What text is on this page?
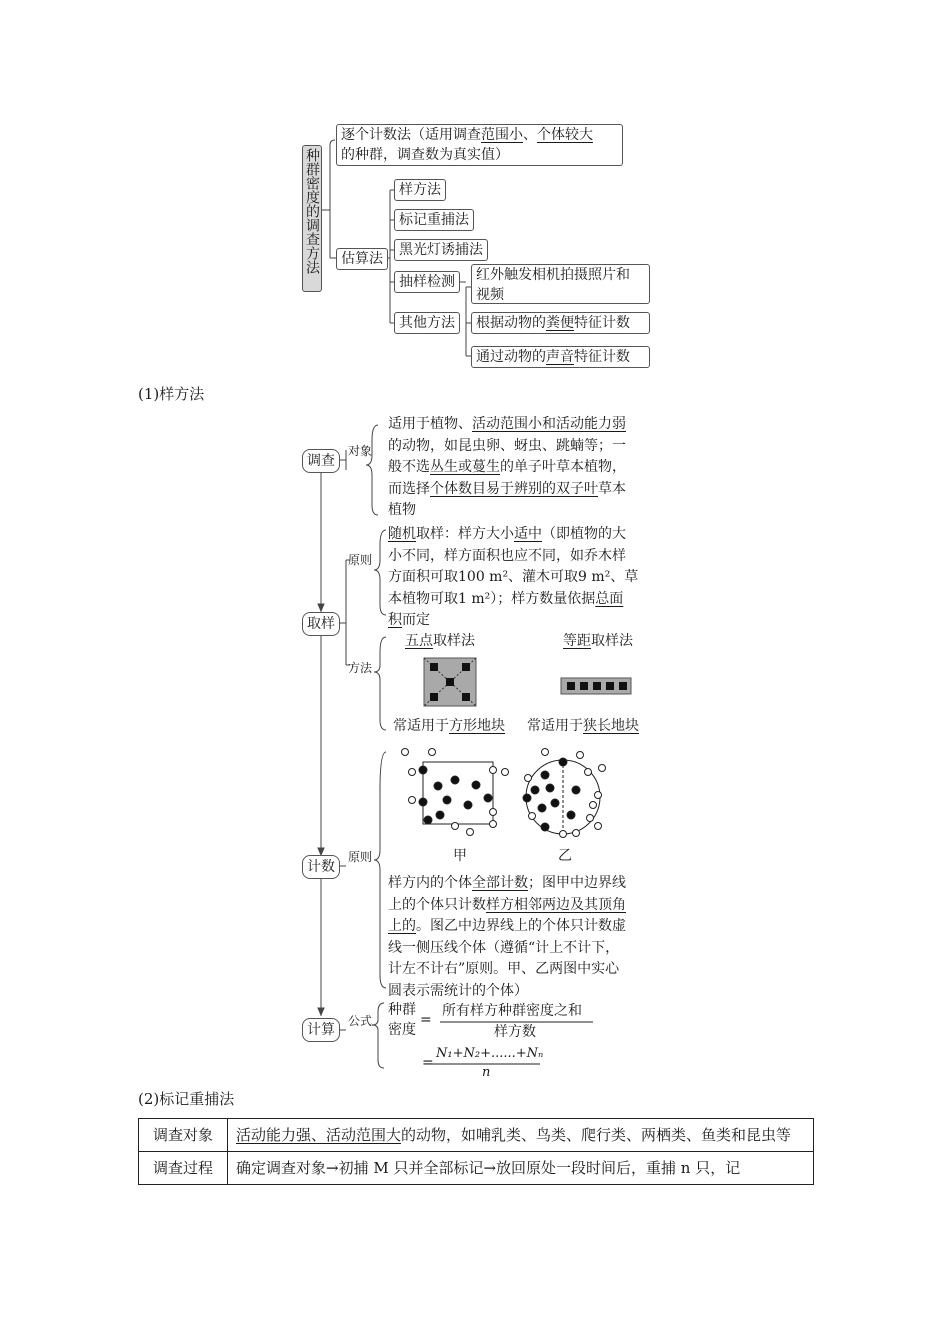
种群密度的调查方法
逐个计数法（适用调查范围小、个体较大
的种群，调查数为真实值）
估算法
样方法
标记重捕法
黑光灯诱捕法
抽样检测
其他方法
红外触发相机拍摄照片和
视频
根据动物的粪便特征计数
通过动物的声音特征计数
(1)样方法
调查
对象
适用于植物、活动范围小和活动能力弱
的动物，如昆虫卵、蚜虫、跳蝻等；一
般不选丛生或蔓生的单子叶草本植物，
而选择个体数目易于辨别的双子叶草本
植物
取样
原则
随机取样：样方大小适中（即植物的大
小不同，样方面积也应不同，如乔木样
方面积可取100 m²、灌木可取9 m²、草
本植物可取1 m²）；样方数量依据总面
积而定
方法
五点取样法	等距取样法
常适用于方形地块 常适用于狭长地块
计数
原则	甲	乙
样方内的个体全部计数；图甲中边界线
上的个体只计数样方相邻两边及其顶角
上的。图乙中边界线上的个体只计数虚
线一侧压线个体（遵循“计上不计下，
计左不计右”原则。甲、乙两图中实心
圆表示需统计的个体）
计算
公式
种群
密度
=
所有样方种群密度之和
样方数
=
N₁+N₂+......+Nₙ
n
(2)标记重捕法
调查对象	活动能力强、活动范围大的动物，如哺乳类、鸟类、爬行类、两栖类、鱼类和昆虫等
调查过程	确定调查对象→初捕 M 只并全部标记→放回原处一段时间后，重捕 n 只，记
